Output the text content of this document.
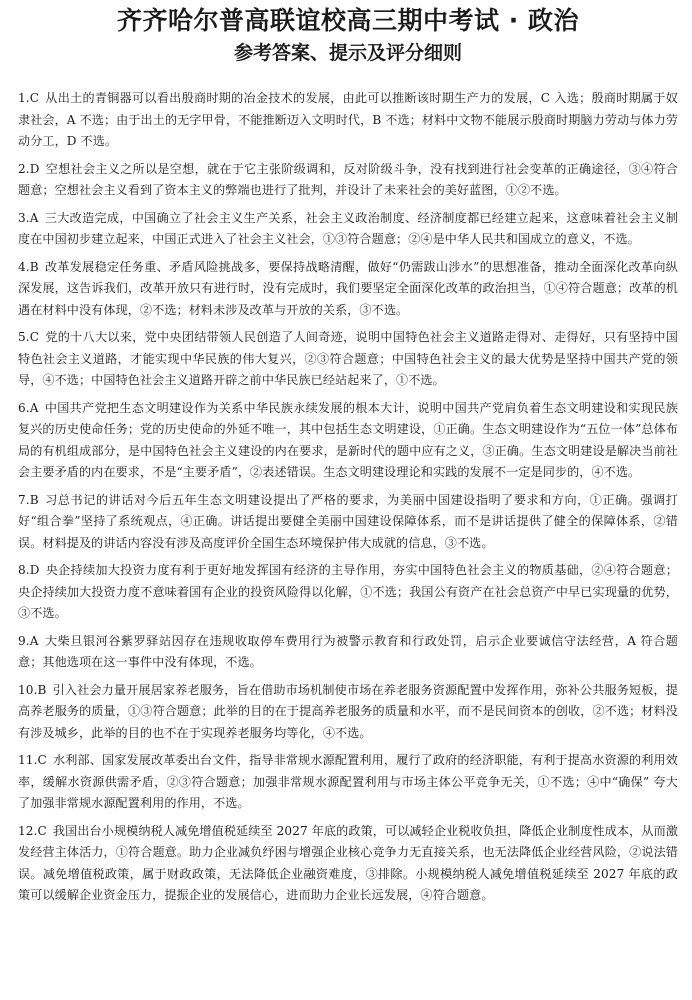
齐齐哈尔普高联谊校高三期中考试 · 政治
参考答案、提示及评分细则

1.C 从出土的青铜器可以看出殷商时期的冶金技术的发展，由此可以推断该时期生产力的发展，C 入选；殷商时期属于奴隶社会，A 不选；由于出土的无字甲骨，不能推断迈入文明时代，B 不选；材料中文物不能展示殷商时期脑力劳动与体力劳动分工，D 不选。

2.D 空想社会主义之所以是空想，就在于它主张阶级调和，反对阶级斗争，没有找到进行社会变革的正确途径，③④符合题意；空想社会主义看到了资本主义的弊端也进行了批判，并设计了未来社会的美好蓝图，①②不选。

3.A 三大改造完成，中国确立了社会主义生产关系，社会主义政治制度、经济制度都已经建立起来，这意味着社会主义制度在中国初步建立起来，中国正式进入了社会主义社会，①③符合题意；②④是中华人民共和国成立的意义，不选。

4.B 改革发展稳定任务重、矛盾风险挑战多，要保持战略清醒，做好“仍需跋山涉水”的思想准备，推动全面深化改革向纵深发展，这告诉我们，改革开放只有进行时，没有完成时，我们要坚定全面深化改革的政治担当，①④符合题意；改革的机遇在材料中没有体现，②不选；材料未涉及改革与开放的关系，③不选。

5.C 党的十八大以来，党中央团结带领人民创造了人间奇迹，说明中国特色社会主义道路走得对、走得好，只有坚持中国特色社会主义道路，才能实现中华民族的伟大复兴，②③符合题意；中国特色社会主义的最大优势是坚持中国共产党的领导，④不选；中国特色社会主义道路开辟之前中华民族已经站起来了，①不选。

6.A 中国共产党把生态文明建设作为关系中华民族永续发展的根本大计，说明中国共产党肩负着生态文明建设和实现民族复兴的历史使命任务；党的历史使命的外延不唯一，其中包括生态文明建设，①正确。生态文明建设作为“五位一体”总体布局的有机组成部分，是中国特色社会主义建设的内在要求，是新时代的题中应有之义，③正确。生态文明建设是解决当前社会主要矛盾的内在要求，不是“主要矛盾”，②表述错误。生态文明建设理论和实践的发展不一定是同步的，④不选。

7.B 习总书记的讲话对今后五年生态文明建设提出了严格的要求，为美丽中国建设指明了要求和方向，①正确。强调打好“组合拳”坚持了系统观点，④正确。讲话提出要健全美丽中国建设保障体系，而不是讲话提供了健全的保障体系，②错误。材料提及的讲话内容没有涉及高度评价全国生态环境保护伟大成就的信息，③不选。

8.D 央企持续加大投资力度有利于更好地发挥国有经济的主导作用，夯实中国特色社会主义的物质基础，②④符合题意；央企持续加大投资力度不意味着国有企业的投资风险得以化解，①不选；我国公有资产在社会总资产中早已实现量的优势，③不选。

9.A 大柴旦银河谷紫罗驿站因存在违规收取停车费用行为被警示教育和行政处罚，启示企业要诚信守法经营，A 符合题意；其他选项在这一事件中没有体现，不选。

10.B 引入社会力量开展居家养老服务，旨在借助市场机制使市场在养老服务资源配置中发挥作用，弥补公共服务短板，提高养老服务的质量，①③符合题意；此举的目的在于提高养老服务的质量和水平，而不是民间资本的创收，②不选；材料没有涉及城乡，此举的目的也不在于实现养老服务均等化，④不选。

11.C 水利部、国家发展改革委出台文件，指导非常规水源配置利用，履行了政府的经济职能，有利于提高水资源的利用效率，缓解水资源供需矛盾，②③符合题意；加强非常规水源配置利用与市场主体公平竞争无关，①不选；④中“确保” 夸大了加强非常规水源配置利用的作用，不选。

12.C 我国出台小规模纳税人减免增值税延续至 2027 年底的政策，可以减轻企业税收负担，降低企业制度性成本，从而激发经营主体活力，①符合题意。助力企业减负纾困与增强企业核心竞争力无直接关系，也无法降低企业经营风险，②说法错误。减免增值税政策，属于财政政策，无法降低企业融资难度，③排除。小规模纳税人减免增值税延续至 2027 年底的政策可以缓解企业资金压力，提振企业的发展信心，进而助力企业长远发展，④符合题意。
